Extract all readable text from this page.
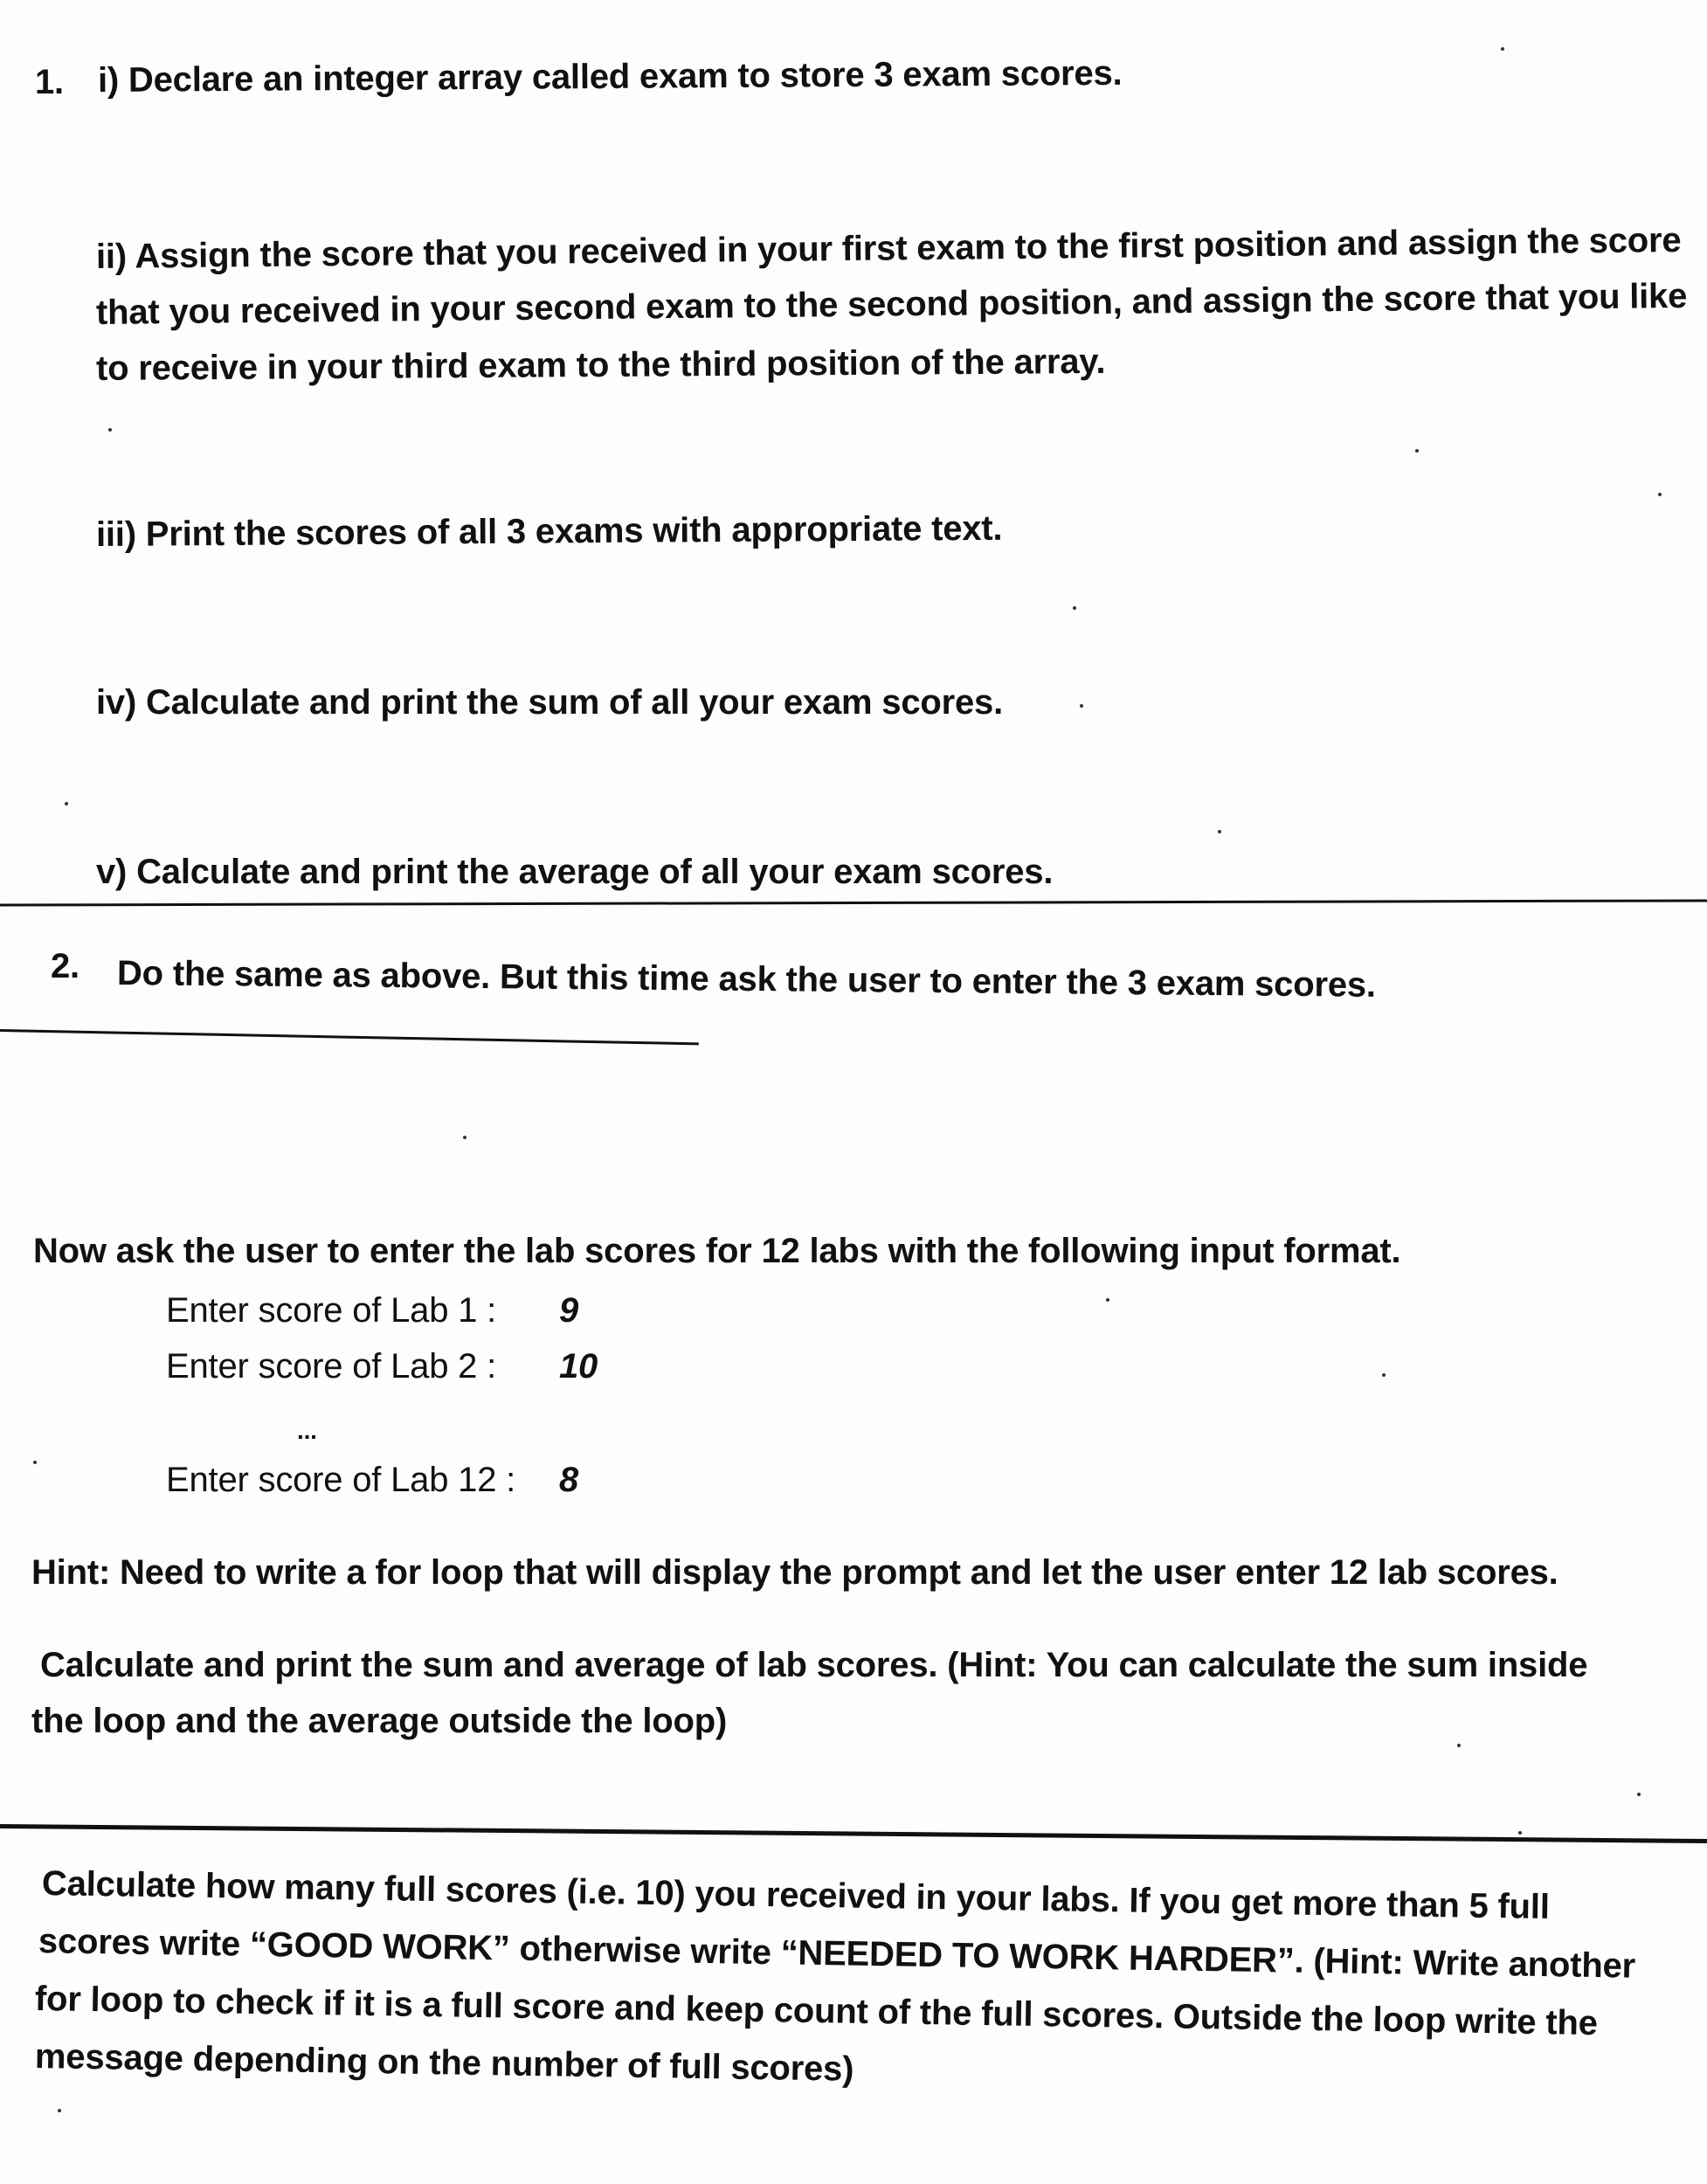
1. i) Declare an integer array called exam to store 3 exam scores.
ii) Assign the score that you received in your first exam to the first position and assign the score
that you received in your second exam to the second position, and assign the score that you like
to receive in your third exam to the third position of the array.
iii) Print the scores of all 3 exams with appropriate text.
iv) Calculate and print the sum of all your exam scores.
v) Calculate and print the average of all your exam scores.
2. Do the same as above. But this time ask the user to enter the 3 exam scores.
Now ask the user to enter the lab scores for 12 labs with the following input format.
Enter score of Lab 1 : 9
Enter score of Lab 2 : 10
...
Enter score of Lab 12 : 8
Hint: Need to write a for loop that will display the prompt and let the user enter 12 lab scores.
Calculate and print the sum and average of lab scores. (Hint: You can calculate the sum inside
the loop and the average outside the loop)
Calculate how many full scores (i.e. 10) you received in your labs. If you get more than 5 full
scores write “GOOD WORK” otherwise write “NEEDED TO WORK HARDER”. (Hint: Write another
for loop to check if it is a full score and keep count of the full scores. Outside the loop write the
message depending on the number of full scores)
